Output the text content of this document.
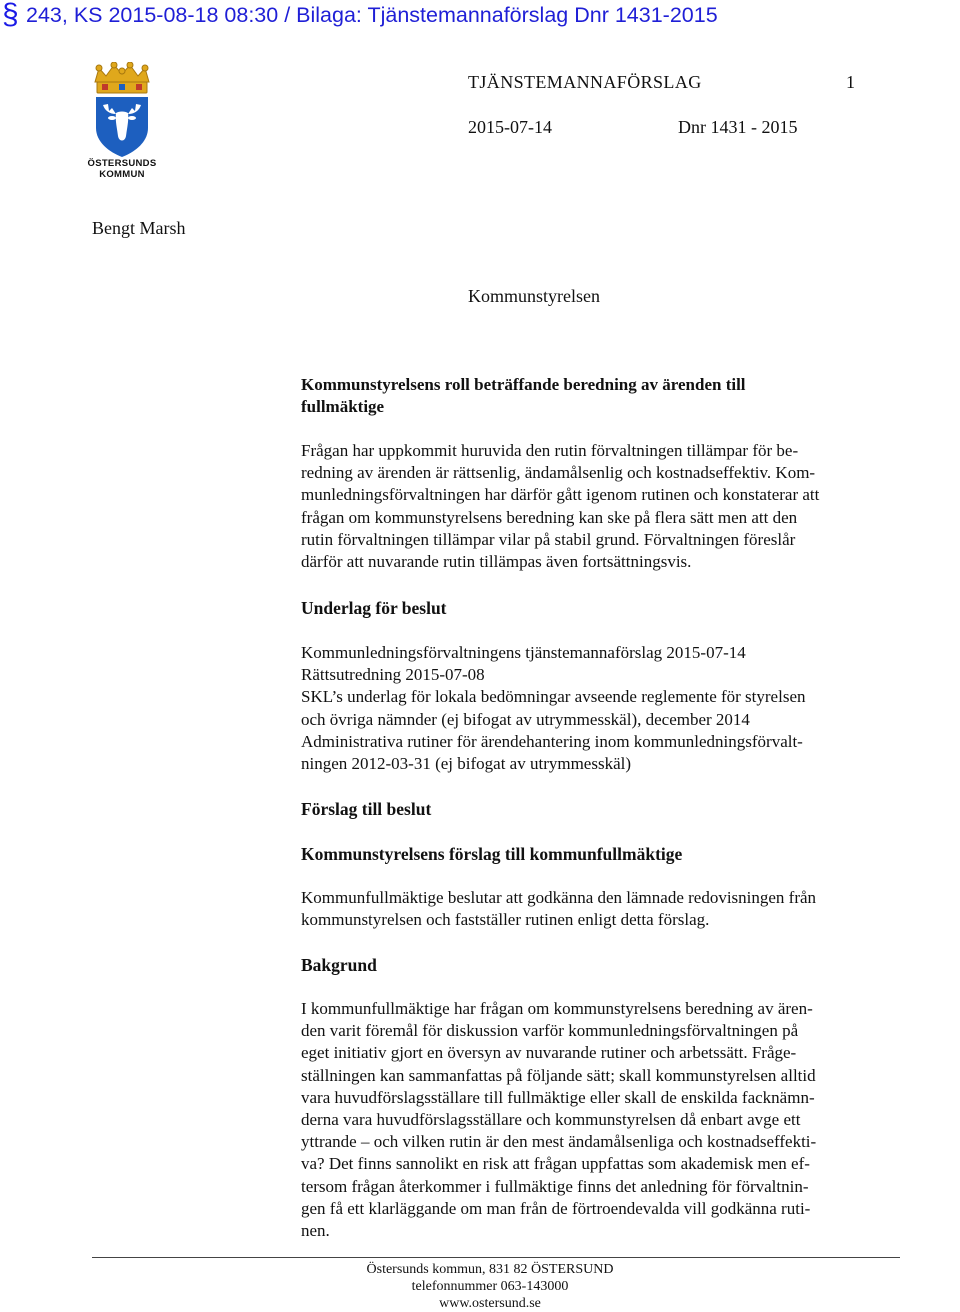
§ 243, KS 2015-08-18 08:30 / Bilaga: Tjänstemannaförslag Dnr 1431-2015
ÖSTERSUNDS
KOMMUN
TJÄNSTEMANNAFÖRSLAG	1
2015-07-14	Dnr 1431 - 2015
Bengt Marsh
Kommunstyrelsen
Kommunstyrelsens roll beträffande beredning av ärenden till
fullmäktige
Frågan har uppkommit huruvida den rutin förvaltningen tillämpar för be-
redning av ärenden är rättsenlig, ändamålsenlig och kostnadseffektiv. Kom-
munledningsförvaltningen har därför gått igenom rutinen och konstaterar att
frågan om kommunstyrelsens beredning kan ske på flera sätt men att den
rutin förvaltningen tillämpar vilar på stabil grund. Förvaltningen föreslår
därför att nuvarande rutin tillämpas även fortsättningsvis.
Underlag för beslut
Kommunledningsförvaltningens tjänstemannaförslag 2015-07-14
Rättsutredning 2015-07-08
SKL’s underlag för lokala bedömningar avseende reglemente för styrelsen
och övriga nämnder (ej bifogat av utrymmesskäl), december 2014
Administrativa rutiner för ärendehantering inom kommunledningsförvalt-
ningen 2012-03-31 (ej bifogat av utrymmesskäl)
Förslag till beslut
Kommunstyrelsens förslag till kommunfullmäktige
Kommunfullmäktige beslutar att godkänna den lämnade redovisningen från
kommunstyrelsen och fastställer rutinen enligt detta förslag.
Bakgrund
I kommunfullmäktige har frågan om kommunstyrelsens beredning av ären-
den varit föremål för diskussion varför kommunledningsförvaltningen på
eget initiativ gjort en översyn av nuvarande rutiner och arbetssätt. Fråge-
ställningen kan sammanfattas på följande sätt; skall kommunstyrelsen alltid
vara huvudförslagsställare till fullmäktige eller skall de enskilda facknämn-
derna vara huvudförslagsställare och kommunstyrelsen då enbart avge ett
yttrande – och vilken rutin är den mest ändamålsenliga och kostnadseffekti-
va? Det finns sannolikt en risk att frågan uppfattas som akademisk men ef-
tersom frågan återkommer i fullmäktige finns det anledning för förvaltnin-
gen få ett klarläggande om man från de förtroendevalda vill godkänna ruti-
nen.
Östersunds kommun, 831 82 ÖSTERSUND
telefonnummer 063-143000
www.ostersund.se
